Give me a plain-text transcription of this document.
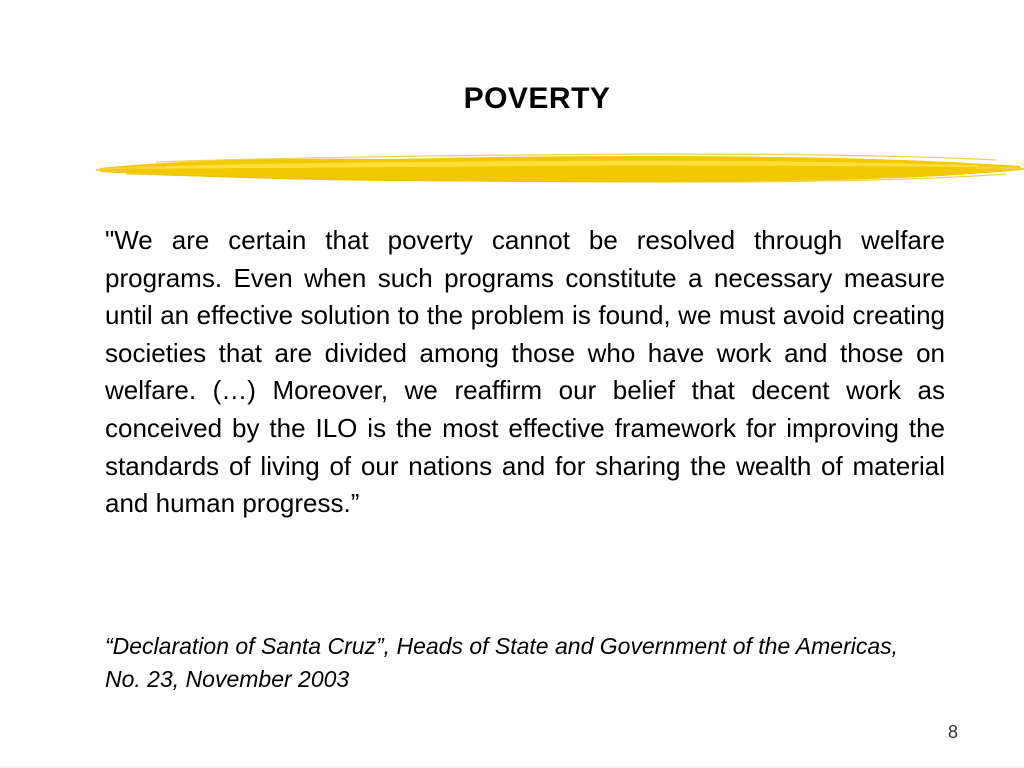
POVERTY

"We are certain that poverty cannot be resolved through welfare programs. Even when such programs constitute a necessary measure until an effective solution to the problem is found, we must avoid creating societies that are divided among those who have work and those on welfare. (…) Moreover, we reaffirm our belief that decent work as conceived by the ILO is the most effective framework for improving the standards of living of our nations and for sharing the wealth of material and human progress.”

“Declaration of Santa Cruz”, Heads of State and Government of the Americas, No. 23, November 2003

8
